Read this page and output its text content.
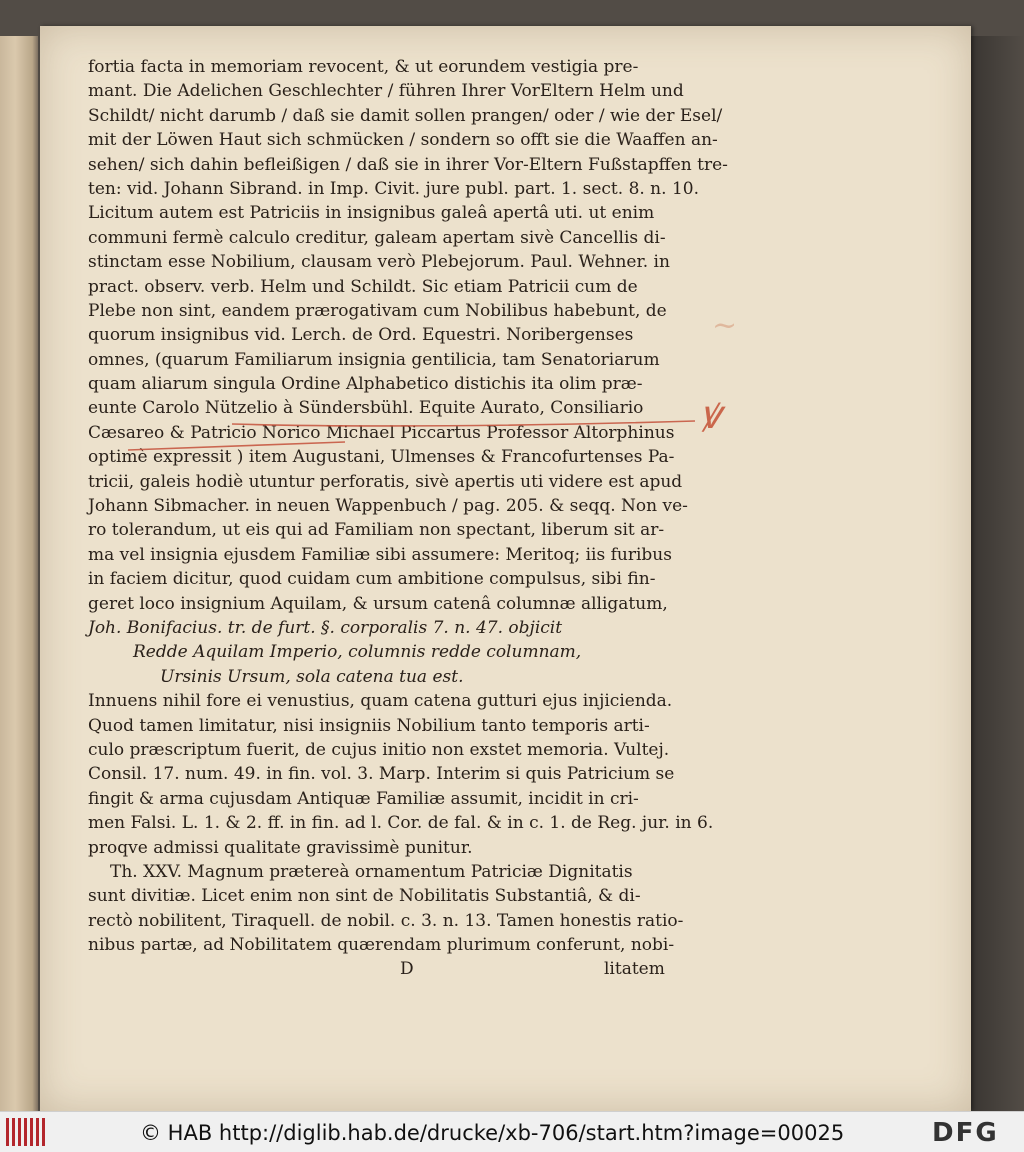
fortia facta in memoriam revocent, & ut eorundem vestigia pre-
mant. Die Adelichen Geschlechter / führen Ihrer VorEltern Helm und
Schildt/ nicht darumb / daß sie damit sollen prangen/ oder / wie der Esel/
mit der Löwen Haut sich schmücken / sondern so offt sie die Waaffen an-
sehen/ sich dahin befleißigen / daß sie in ihrer Vor-Eltern Fußstapffen tre-
ten: vid. Johann Sibrand. in Imp. Civit. jure publ. part. 1. sect. 8. n. 10.
Licitum autem est Patriciis in insignibus galeâ apertâ uti. ut enim
communi fermè calculo creditur, galeam apertam sivè Cancellis di-
stinctam esse Nobilium, clausam verò Plebejorum. Paul. Wehner. in
pract. observ. verb. Helm und Schildt. Sic etiam Patricii cum de
Plebe non sint, eandem prærogativam cum Nobilibus habebunt, de
quorum insignibus vid. Lerch. de Ord. Equestri. Noribergenses
omnes, (quarum Familiarum insignia gentilicia, tam Senatoriarum
quam aliarum singula Ordine Alphabetico distichis ita olim præ-
eunte Carolo Nützelio à Sündersbühl. Equite Aurato, Consiliario
Cæsareo & Patricio Norico Michael Piccartus Professor Altorphinus
optimè expressit ) item Augustani, Ulmenses & Francofurtenses Pa-
tricii, galeis hodiè utuntur perforatis, sivè apertis uti videre est apud
Johann Sibmacher. in neuen Wappenbuch / pag. 205. & seqq. Non ve-
ro tolerandum, ut eis qui ad Familiam non spectant, liberum sit ar-
ma vel insignia ejusdem Familiæ sibi assumere: Meritoq; iis furibus
in faciem dicitur, quod cuidam cum ambitione compulsus, sibi fin-
geret loco insignium Aquilam, & ursum catenâ columnæ alligatum,
Joh. Bonifacius. tr. de furt. §. corporalis 7. n. 47. objicit
Redde Aquilam Imperio, columnis redde columnam,
Ursinis Ursum, sola catena tua est.
Innuens nihil fore ei venustius, quam catena gutturi ejus injicienda.
Quod tamen limitatur, nisi insigniis Nobilium tanto temporis arti-
culo præscriptum fuerit, de cujus initio non exstet memoria. Vultej.
Consil. 17. num. 49. in fin. vol. 3. Marp. Interim si quis Patricium se
fingit & arma cujusdam Antiquæ Familiæ assumit, incidit in cri-
men Falsi. L. 1. & 2. ff. in fin. ad l. Cor. de fal. & in c. 1. de Reg. jur. in 6.
proqve admissi qualitate gravissimè punitur.
Th. XXV. Magnum prætereà ornamentum Patriciæ Dignitatis
sunt divitiæ. Licet enim non sint de Nobilitatis Substantiâ, & di-
rectò nobilitent, Tiraquell. de nobil. c. 3. n. 13. Tamen honestis ratio-
nibus partæ, ad Nobilitatem quærendam plurimum conferunt, nobi-
D	litatem
~
ꝟ
© HAB http://diglib.hab.de/drucke/xb-706/start.htm?image=00025	DFG
